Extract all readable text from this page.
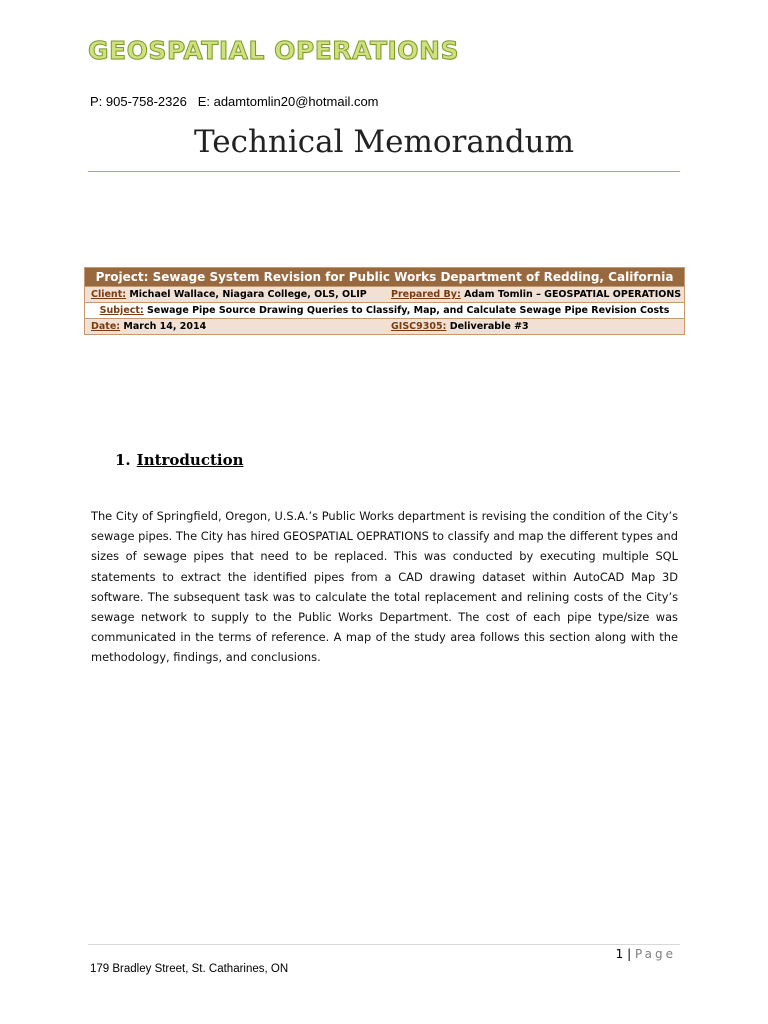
GEOSPATIAL OPERATIONS
P: 905-758-2326   E: adamtomlin20@hotmail.com
Technical Memorandum
Project: Sewage System Revision for Public Works Department of Redding, California
Client: Michael Wallace, Niagara College, OLS, OLIP	Prepared By: Adam Tomlin – GEOSPATIAL OPERATIONS
Subject: Sewage Pipe Source Drawing Queries to Classify, Map, and Calculate Sewage Pipe Revision Costs
Date: March 14, 2014	GISC9305: Deliverable #3
1. Introduction
The City of Springfield, Oregon, U.S.A.’s Public Works department is revising the condition of the City’s sewage pipes. The City has hired GEOSPATIAL OEPRATIONS to classify and map the different types and sizes of sewage pipes that need to be replaced. This was conducted by executing multiple SQL statements to extract the identified pipes from a CAD drawing dataset within AutoCAD Map 3D software. The subsequent task was to calculate the total replacement and relining costs of the City’s sewage network to supply to the Public Works Department. The cost of each pipe type/size was communicated in the terms of reference. A map of the study area follows this section along with the methodology, findings, and conclusions.
1 | Page
179 Bradley Street, St. Catharines, ON
